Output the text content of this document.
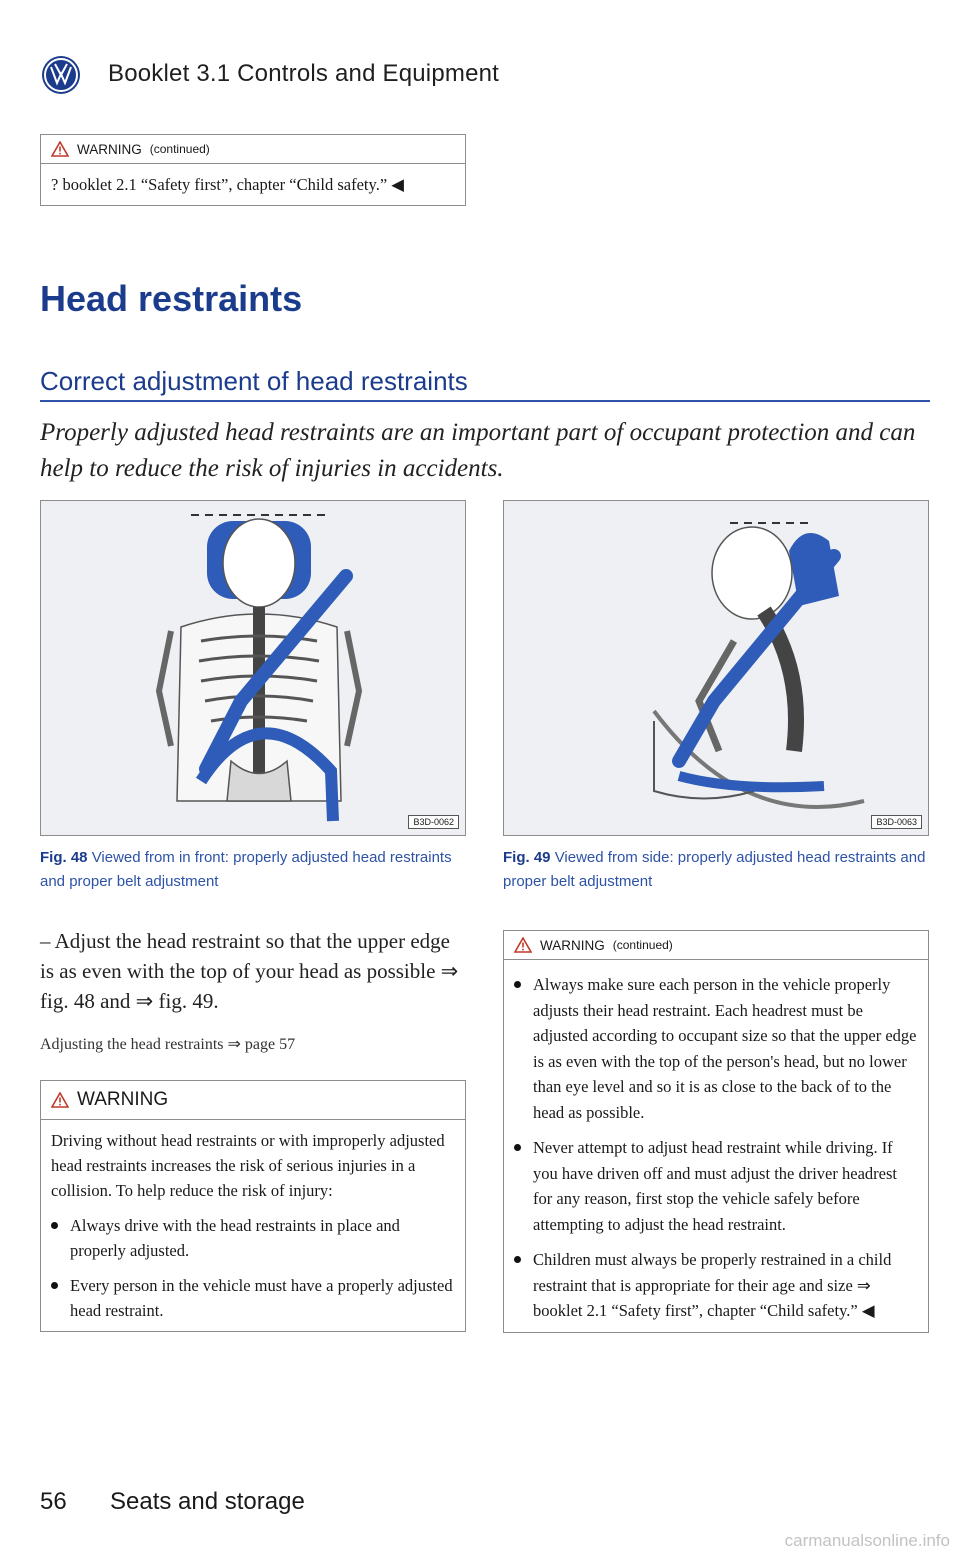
Booklet 3.1 Controls and Equipment
WARNING (continued)
? booklet 2.1 “Safety first”, chapter “Child safety.” ◀
Head restraints
Correct adjustment of head restraints
Properly adjusted head restraints are an important part of occupant protection and can help to reduce the risk of injuries in accidents.
B3D-0062
Fig. 48 Viewed from in front: properly adjusted head restraints and proper belt adjustment
B3D-0063
Fig. 49 Viewed from side: properly adjusted head restraints and proper belt adjustment
– Adjust the head restraint so that the upper edge is as even with the top of your head as possible ⇒ fig. 48 and ⇒ fig. 49.
Adjusting the head restraints ⇒ page 57
WARNING
Driving without head restraints or with improperly adjusted head restraints increases the risk of serious injuries in a collision. To help reduce the risk of injury:
Always drive with the head restraints in place and properly adjusted.
Every person in the vehicle must have a properly adjusted head restraint.
WARNING (continued)
Always make sure each person in the vehicle properly adjusts their head restraint. Each headrest must be adjusted according to occupant size so that the upper edge is as even with the top of the person's head, but no lower than eye level and so it is as close to the back of to the head as possible.
Never attempt to adjust head restraint while driving. If you have driven off and must adjust the driver headrest for any reason, first stop the vehicle safely before attempting to adjust the head restraint.
Children must always be properly restrained in a child restraint that is appropriate for their age and size ⇒ booklet 2.1 “Safety first”, chapter “Child safety.” ◀
56 Seats and storage
carmanualsonline.info
